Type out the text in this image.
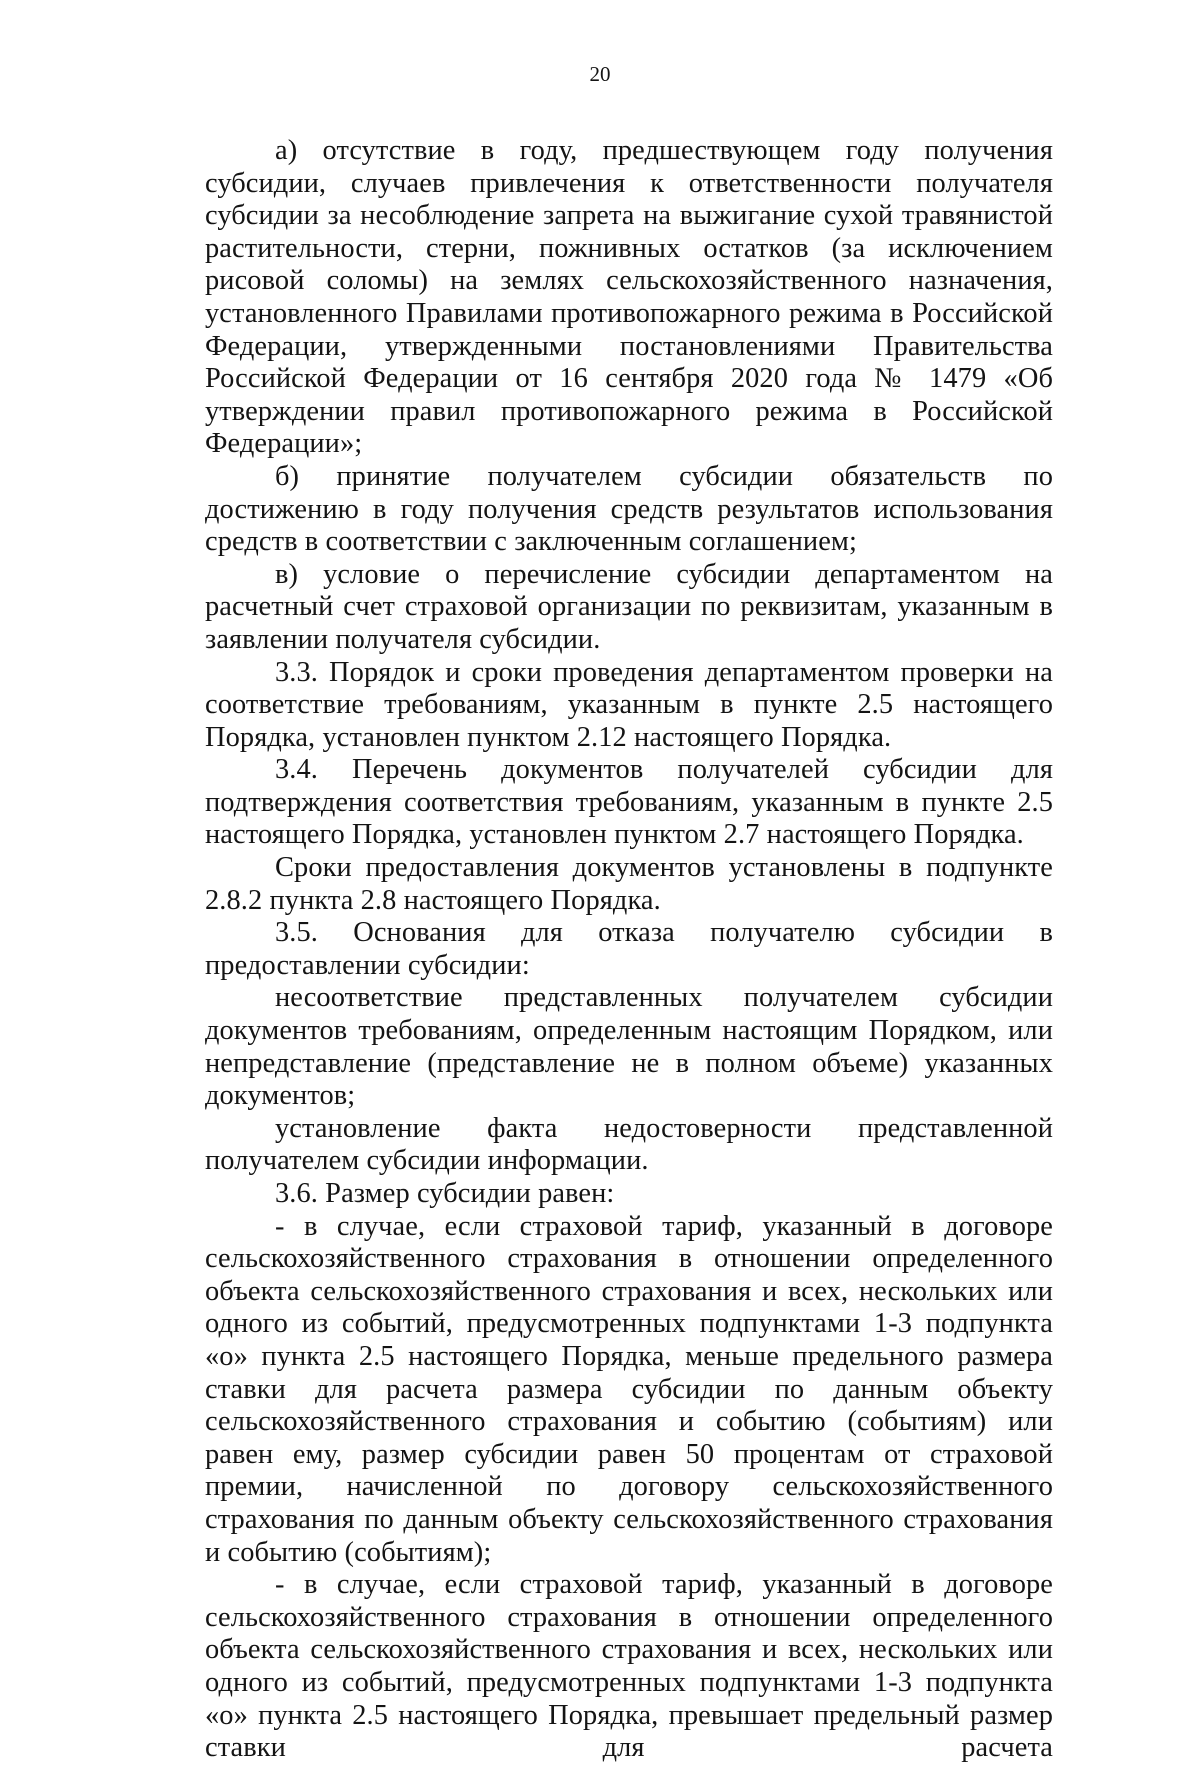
20

а) отсутствие в году, предшествующем году получения субсидии, случаев привлечения к ответственности получателя субсидии за несоблюдение запрета на выжигание сухой травянистой растительности, стерни, пожнивных остатков (за исключением рисовой соломы) на землях сельскохозяйственного назначения, установленного Правилами противопожарного режима в Российской Федерации, утвержденными постановлениями Правительства Российской Федерации от 16 сентября 2020 года № 1479 «Об утверждении правил противопожарного режима в Российской Федерации»;

б) принятие получателем субсидии обязательств по достижению в году получения средств результатов использования средств в соответствии с заключенным соглашением;

в) условие о перечисление субсидии департаментом на расчетный счет страховой организации по реквизитам, указанным в заявлении получателя субсидии.

3.3. Порядок и сроки проведения департаментом проверки на соответствие требованиям, указанным в пункте 2.5 настоящего Порядка, установлен пунктом 2.12 настоящего Порядка.

3.4. Перечень документов получателей субсидии для подтверждения соответствия требованиям, указанным в пункте 2.5 настоящего Порядка, установлен пунктом 2.7 настоящего Порядка.

Сроки предоставления документов установлены в подпункте 2.8.2 пункта 2.8 настоящего Порядка.

3.5. Основания для отказа получателю субсидии в предоставлении субсидии:

несоответствие представленных получателем субсидии документов требованиям, определенным настоящим Порядком, или непредставление (представление не в полном объеме) указанных документов;

установление факта недостоверности представленной получателем субсидии информации.

3.6. Размер субсидии равен:

- в случае, если страховой тариф, указанный в договоре сельскохозяйственного страхования в отношении определенного объекта сельскохозяйственного страхования и всех, нескольких или одного из событий, предусмотренных подпунктами 1-3 подпункта «о» пункта 2.5 настоящего Порядка, меньше предельного размера ставки для расчета размера субсидии по данным объекту сельскохозяйственного страхования и событию (событиям) или равен ему, размер субсидии равен 50 процентам от страховой премии, начисленной по договору сельскохозяйственного страхования по данным объекту сельскохозяйственного страхования и событию (событиям);

- в случае, если страховой тариф, указанный в договоре сельскохозяйственного страхования в отношении определенного объекта сельскохозяйственного страхования и всех, нескольких или одного из событий, предусмотренных подпунктами 1-3 подпункта «о» пункта 2.5 настоящего Порядка, превышает предельный размер ставки для расчета
